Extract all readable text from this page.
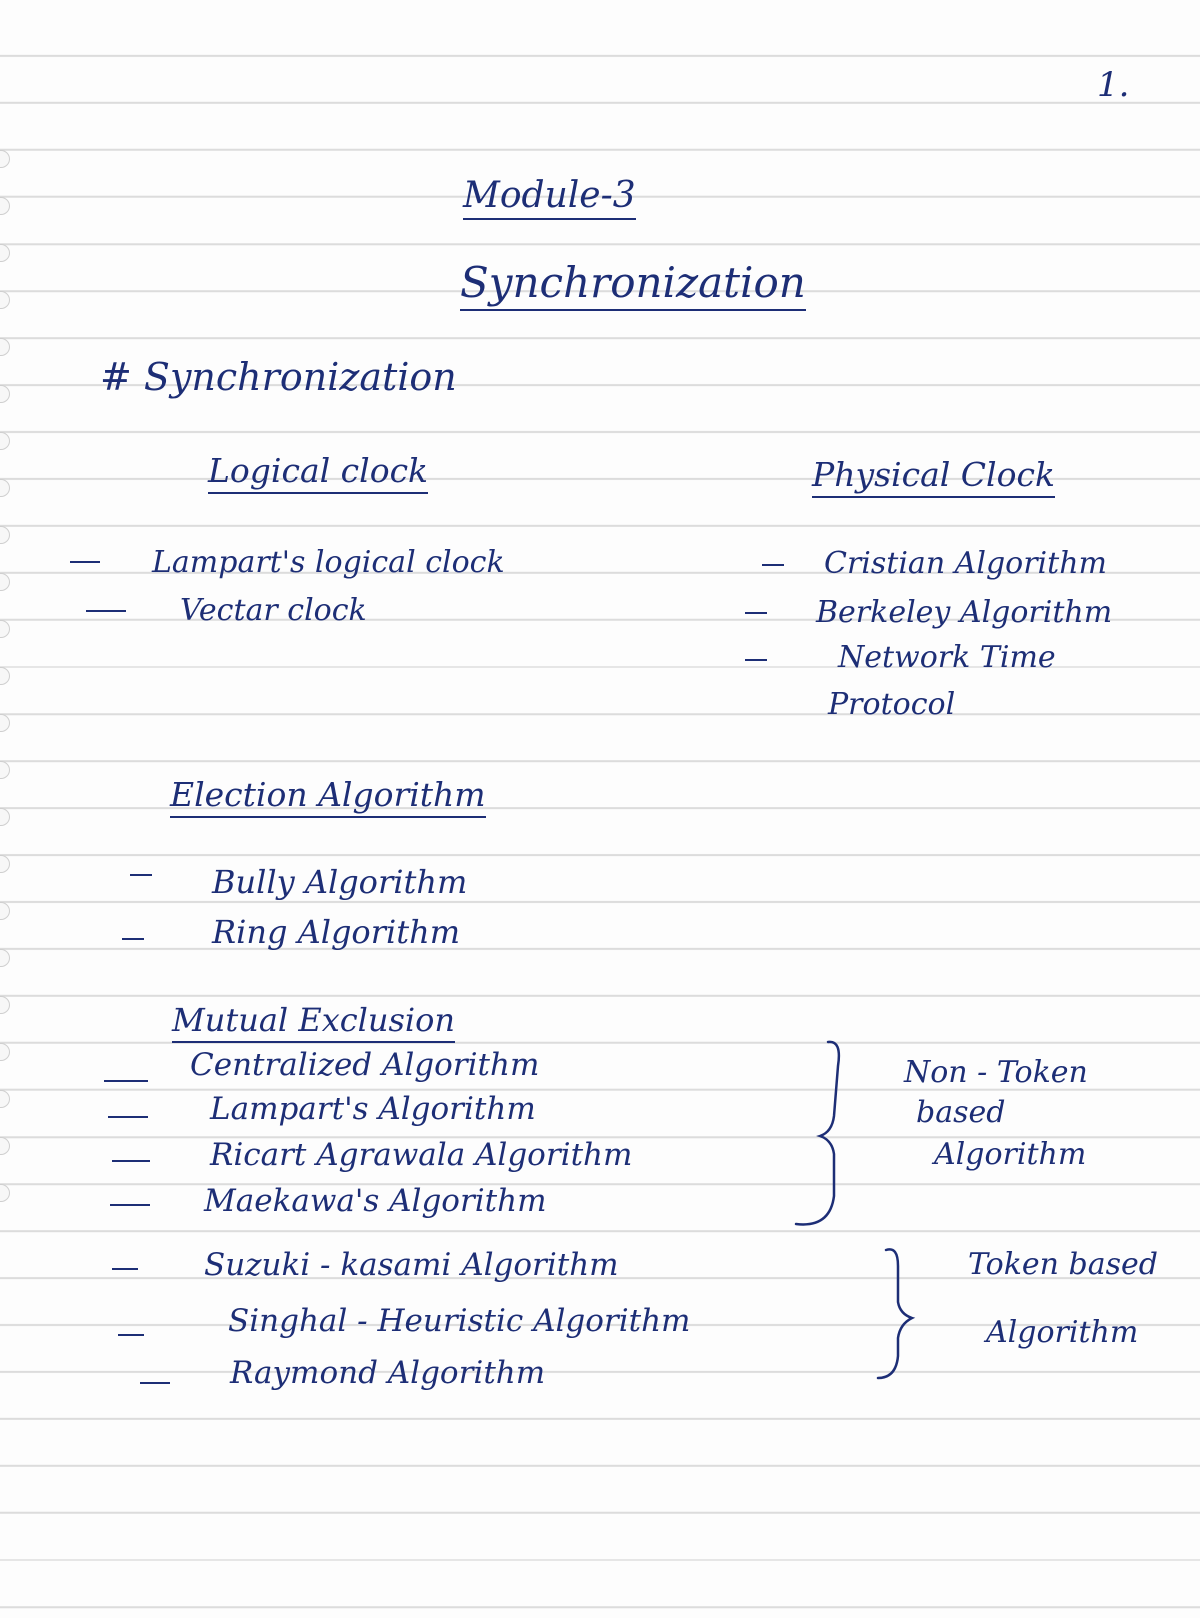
1.
Module-3
Synchronization
# Synchronization
Logical clock
Lampart's logical clock
Vectar clock
Physical Clock
Cristian Algorithm
Berkeley Algorithm
Network Time
Protocol
Election Algorithm
Bully Algorithm
Ring Algorithm
Mutual Exclusion
Centralized Algorithm
Lampart's Algorithm
Ricart Agrawala Algorithm
Maekawa's Algorithm
Non - Token
based
Algorithm
Suzuki - kasami Algorithm
Singhal - Heuristic Algorithm
Raymond Algorithm
Token based
Algorithm
